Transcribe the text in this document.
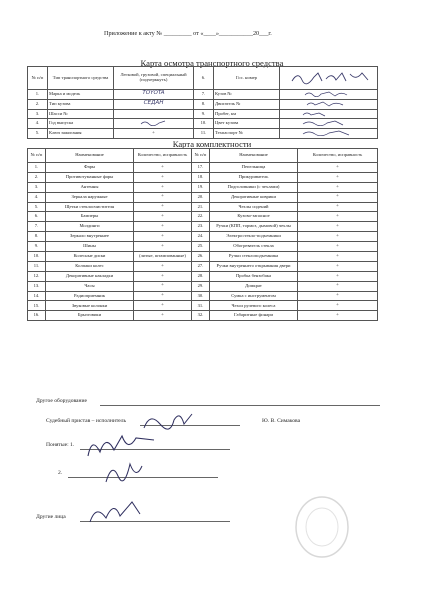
Приложение к акту № _________ от «____»___________20___г.
Карта осмотра транспортного средства
№ п/п	Тип транспортного средства	Легковой, грузовой, специальный (подчеркнуть)	6.	Гос. номер	
1.	Марка и модель	TOYOTA	7.	Кузов №	
2.	Тип кузова	СЕДАН	8.	Двигатель №	
3.	Шасси №		9.	Пробег, км	
4.	Год выпуска		10.	Цвет кузова	
5.	Ключ зажигания	+	11.	Техпаспорт №	
Карта комплектности
№ п/п	Наименование	Количество, исправность	№ п/п	Наименование	Количество, исправность
1.	Фары	+	17.	Пепельница	+
2.	Противотуманные фары	+	18.	Прикуриватель	+
3.	Антенны	+	19.	Подголовники (с чехлами)	+
4.	Зеркала наружные	+	20.	Декоративные коврики	+
5.	Щетки стеклоочистителя	+	21.	Чехлы сидений	+
6.	Бамперы	+	22.	Кузово-запасное	+
7.	Молдинги	+	23.	Ручки (КПП, тормоз, дымовой) чехлы	+
8.	Зеркало внутреннее	+	24.	Электростекло-подъемники	+
9.	Шины	+	25.	Обогреватель стекла	+
10.	Колесные диски	(литые, штампованные)	26.	Ручки стеклоподъемника	+
11.	Колпаки колес	+	27.	Ручки внутреннего открывания двери	+
12.	Декоративные накладки	+	28.	Пробка бензобака	+
13.	Часы	+	29.	Домкрат	+
14.	Радиоприемник	+	30.	Сумка с инструментом	+
15.	Звуковые колонки	+	31.	Чехол рулевого колеса	+
16.	Брызговики	+	32.	Габаритные фонари	+
Другое оборудование
Судебный пристав – исполнитель	Ю. В. Симакова
Понятые: 1.
2.
Другие лица
